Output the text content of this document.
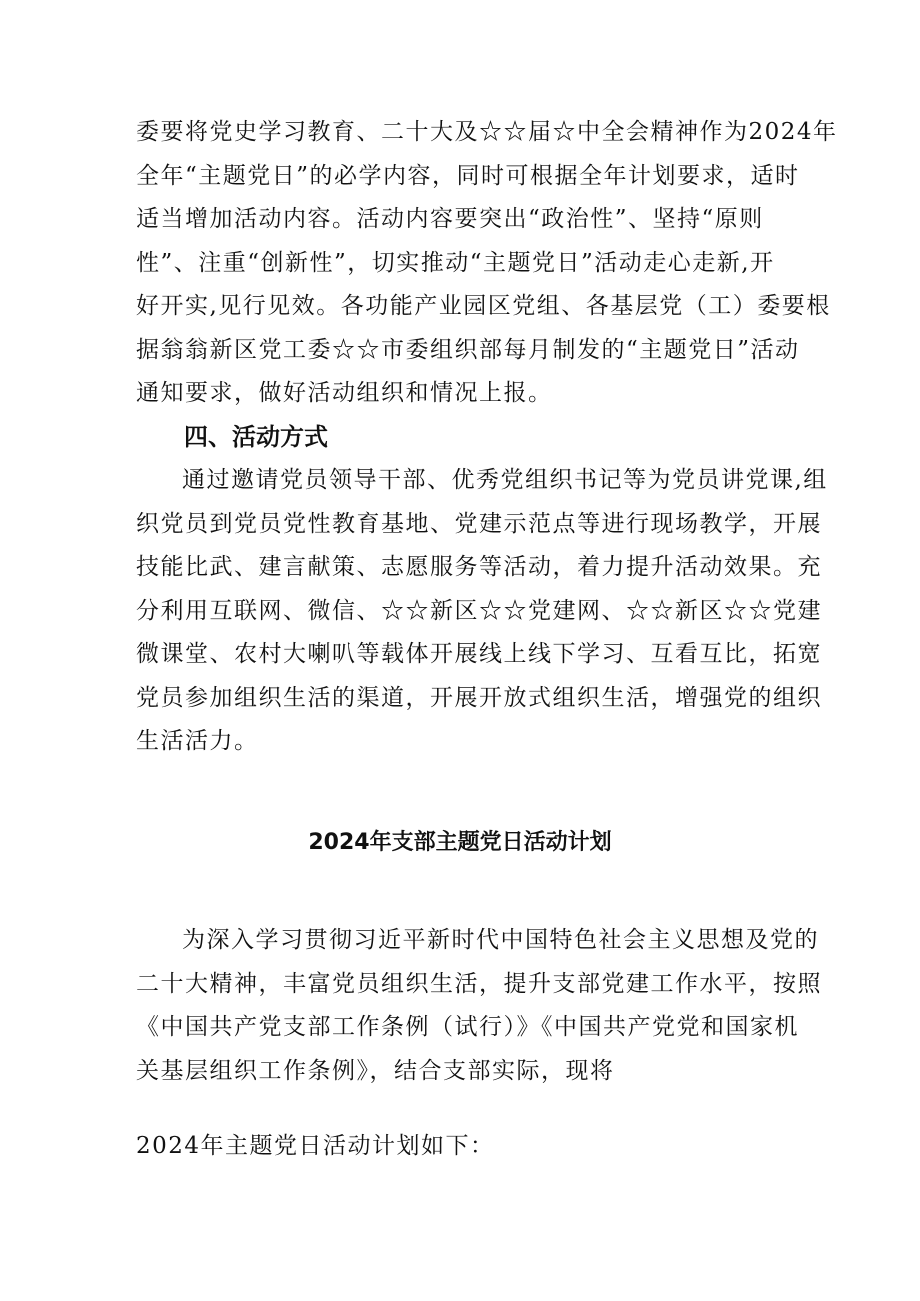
委要将党史学习教育、二十大及☆☆届☆中全会精神作为2024年
全年“主题党日”的必学内容，同时可根据全年计划要求，适时
适当增加活动内容。活动内容要突出“政治性”、坚持“原则
性”、注重“创新性”，切实推动“主题党日”活动走心走新,开
好开实,见行见效。各功能产业园区党组、各基层党（工）委要根
据翁翁新区党工委☆☆市委组织部每月制发的“主题党日”活动
通知要求，做好活动组织和情况上报。
四、活动方式
通过邀请党员领导干部、优秀党组织书记等为党员讲党课,组
织党员到党员党性教育基地、党建示范点等进行现场教学，开展
技能比武、建言献策、志愿服务等活动，着力提升活动效果。充
分利用互联网、微信、☆☆新区☆☆党建网、☆☆新区☆☆党建
微课堂、农村大喇叭等载体开展线上线下学习、互看互比，拓宽
党员参加组织生活的渠道，开展开放式组织生活，增强党的组织
生活活力。
2024年支部主题党日活动计划
为深入学习贯彻习近平新时代中国特色社会主义思想及党的
二十大精神，丰富党员组织生活，提升支部党建工作水平，按照
《中国共产党支部工作条例（试行）》《中国共产党党和国家机
关基层组织工作条例》，结合支部实际，现将
2024年主题党日活动计划如下：
